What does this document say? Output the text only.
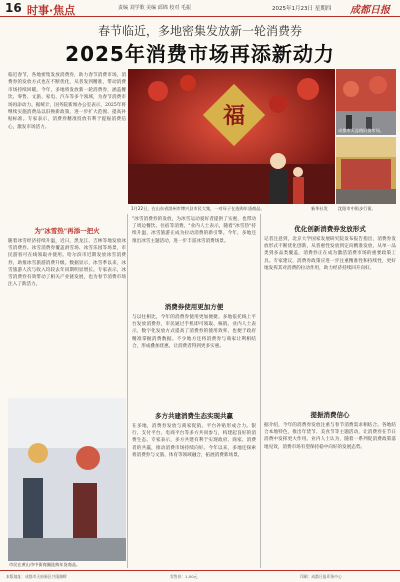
16 时事·焦点	责编 刘学歌 美编 邱锦 校对 毛振	2025年1月23日 星期四 成都日报
春节临近，多地密集发放新一轮消费券
2025年消费市场再添新动力
临近春节，各地密集发放消费券，助力春节消费市场。消费券的发放方式也在不断优化，从普发到精准，带动消费市场持续回暖。今年，多地将发放新一轮消费券，涵盖餐饮、零售、文旅、家电、汽车等多个领域，为春节消费市场再添动力。据统计，国务院新闻办公室表示，2025年将继续实施消费品以旧换新政策，进一步扩大范围、提高补贴标准。专家表示，消费券精准投放有利于提振消费信心，激发市场活力。	福
1月22日，在山东省滨州市博兴县市民大集，一对母子在选购年货商品。	新华社发
成都市天益路旧货市场。
沈阳市中街步行街。
为"冰雪热"再添一把火
随着冰雪经济持续升温，近日，黑龙江、吉林等地发放冰雪消费券。冰雪消费券覆盖滑雪场、冰雪乐园等场景，市民游客可在线领取并使用。哈尔滨市近期发放冰雪消费券，助推冰雪旅游消费升级。数据显示，冰雪季以来，冰雪旅游人次与收入均较去年同期明显增长。专家表示，冰雪消费券有效带动了相关产业链发展，也为春节消费市场注入了新活力。
市民在黄山市中街商圈选购年货商品。
"冰雪消费券的发放，为冰雪运动爱好者提供了实惠，也带动了周边餐饮、住宿等消费。"业内人士表示，随着"冰雪热"持续升温，冰雪旅游正成为拉动消费的新引擎。今年，多地还推出冰雪主题活动，进一步丰富冰雪消费场景。
消费券使用更加方便
与以往相比，今年的消费券使用更加便捷。多地依托线上平台发放消费券，市民通过手机即可领取、核销。业内人士表示，数字化发放方式提高了消费券的使用效率，也便于政府精准掌握消费数据。不少地方还将消费券与商家让利相结合，形成叠加优惠，让消费者得到更多实惠。
多方共建消费生态实现共赢
在多地，消费券发放与商家促销、平台补贴形成合力。银行、支付平台、电商平台等多方共同参与，构建起良好的消费生态。专家表示，多方共建有利于实现政府、商家、消费者的共赢，推动消费市场持续向好。今年以来，多地还探索将消费券与文旅、体育等领域融合，拓展消费新场景。
优化创新消费券发放形式
记者注意到，北京大学国家发展研究院发布报告指出，消费券发放形式不断优化创新，从普惠性发放到定向精准发放，从单一品类到多品类覆盖，消费券正在成为激活消费市场的重要政策工具。专家建议，消费券政策应进一步注重精准性和持续性，更好地发挥其对消费的拉动作用，助力经济持续回升向好。
提振消费信心
据介绍，今年的消费券发放注重与春节消费需求相结合。各地结合本地特色，推出年货节、美食节等主题活动，让消费券在节日消费中发挥更大作用。业内人士认为，随着一系列促消费政策落地见效，消费市场有望保持稳中向好的发展态势。
本版地址：成都市天府新区兴隆湖畔	零售价：1.00元	印刷：成都日报印务中心
